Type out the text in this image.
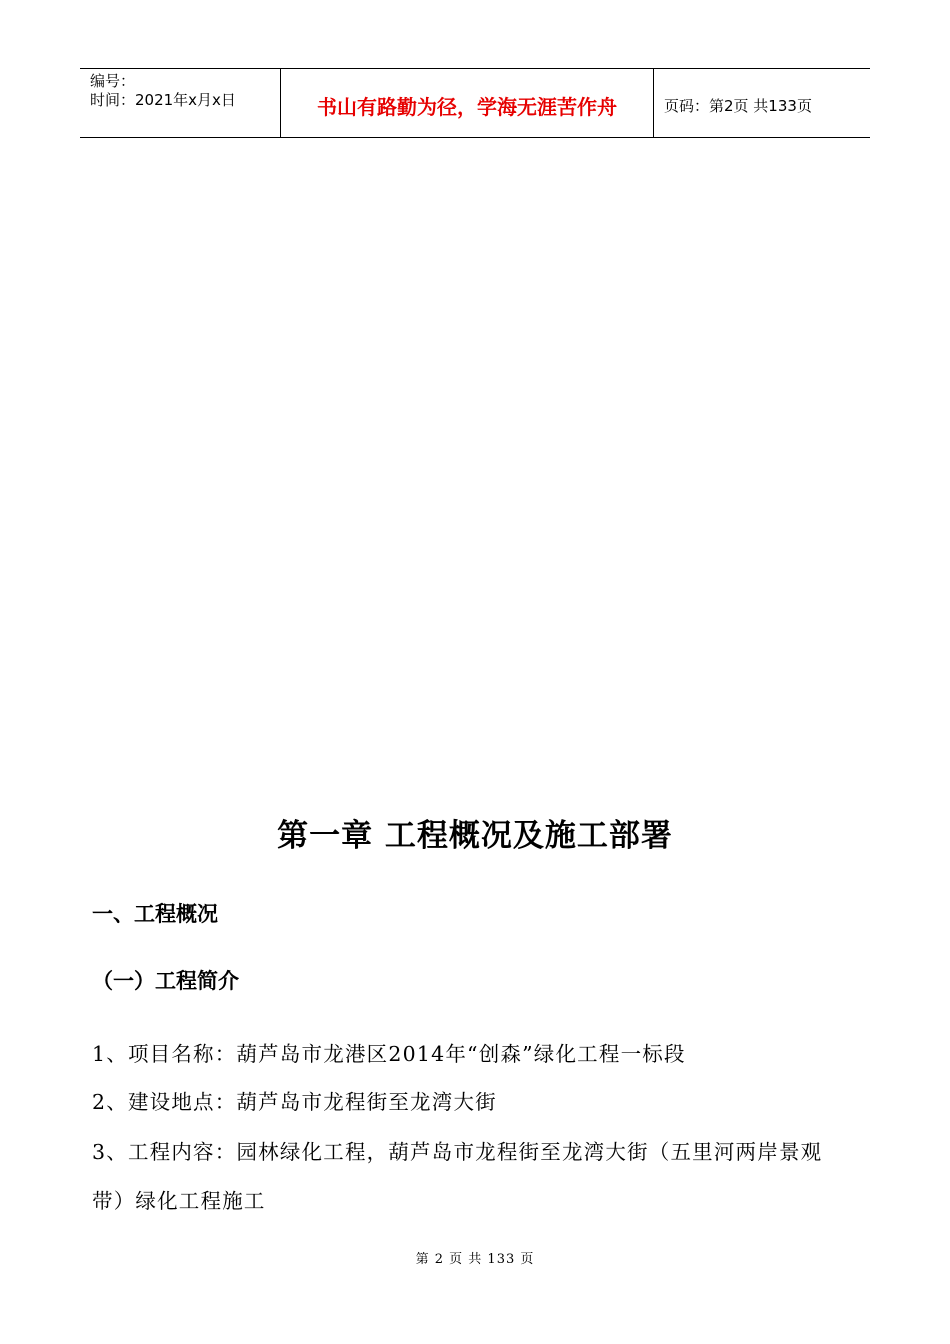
编号：
时间：2021年x月x日	书山有路勤为径，学海无涯苦作舟	页码：第2页 共133页
第一章 工程概况及施工部署
一、工程概况
（一）工程简介
1、项目名称：葫芦岛市龙港区2014年“创森”绿化工程一标段
2、建设地点：葫芦岛市龙程街至龙湾大街
3、工程内容：园林绿化工程，葫芦岛市龙程街至龙湾大街（五里河两岸景观
带）绿化工程施工
第 2 页 共 133 页
